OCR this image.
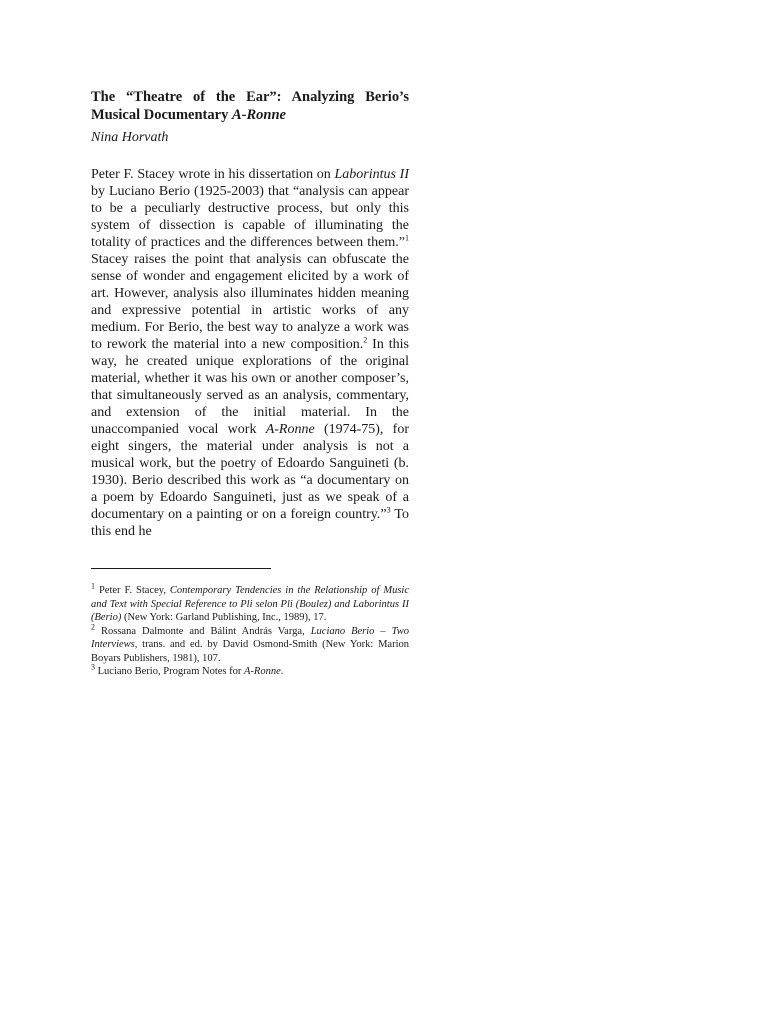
The “Theatre of the Ear”: Analyzing Berio’s Musical Documentary A-Ronne

Nina Horvath

Peter F. Stacey wrote in his dissertation on Laborintus II by Luciano Berio (1925-2003) that “analysis can appear to be a peculiarly destructive process, but only this system of dissection is capable of illuminating the totality of practices and the differences between them.”$^1$ Stacey raises the point that analysis can obfuscate the sense of wonder and engagement elicited by a work of art. However, analysis also illuminates hidden meaning and expressive potential in artistic works of any medium. For Berio, the best way to analyze a work was to rework the material into a new composition.$^2$ In this way, he created unique explorations of the original material, whether it was his own or another composer’s, that simultaneously served as an analysis, commentary, and extension of the initial material. In the unaccompanied vocal work A-Ronne (1974-75), for eight singers, the material under analysis is not a musical work, but the poetry of Edoardo Sanguineti (b. 1930). Berio described this work as “a documentary on a poem by Edoardo Sanguineti, just as we speak of a documentary on a painting or on a foreign country.”$^3$ To this end he

$^1$ Peter F. Stacey, Contemporary Tendencies in the Relationship of Music and Text with Special Reference to Pli selon Pli (Boulez) and Laborintus II (Berio) (New York: Garland Publishing, Inc., 1989), 17.

$^2$ Rossana Dalmonte and Bálint András Varga, Luciano Berio – Two Interviews, trans. and ed. by David Osmond-Smith (New York: Marion Boyars Publishers, 1981), 107.

$^3$ Luciano Berio, Program Notes for A-Ronne.
